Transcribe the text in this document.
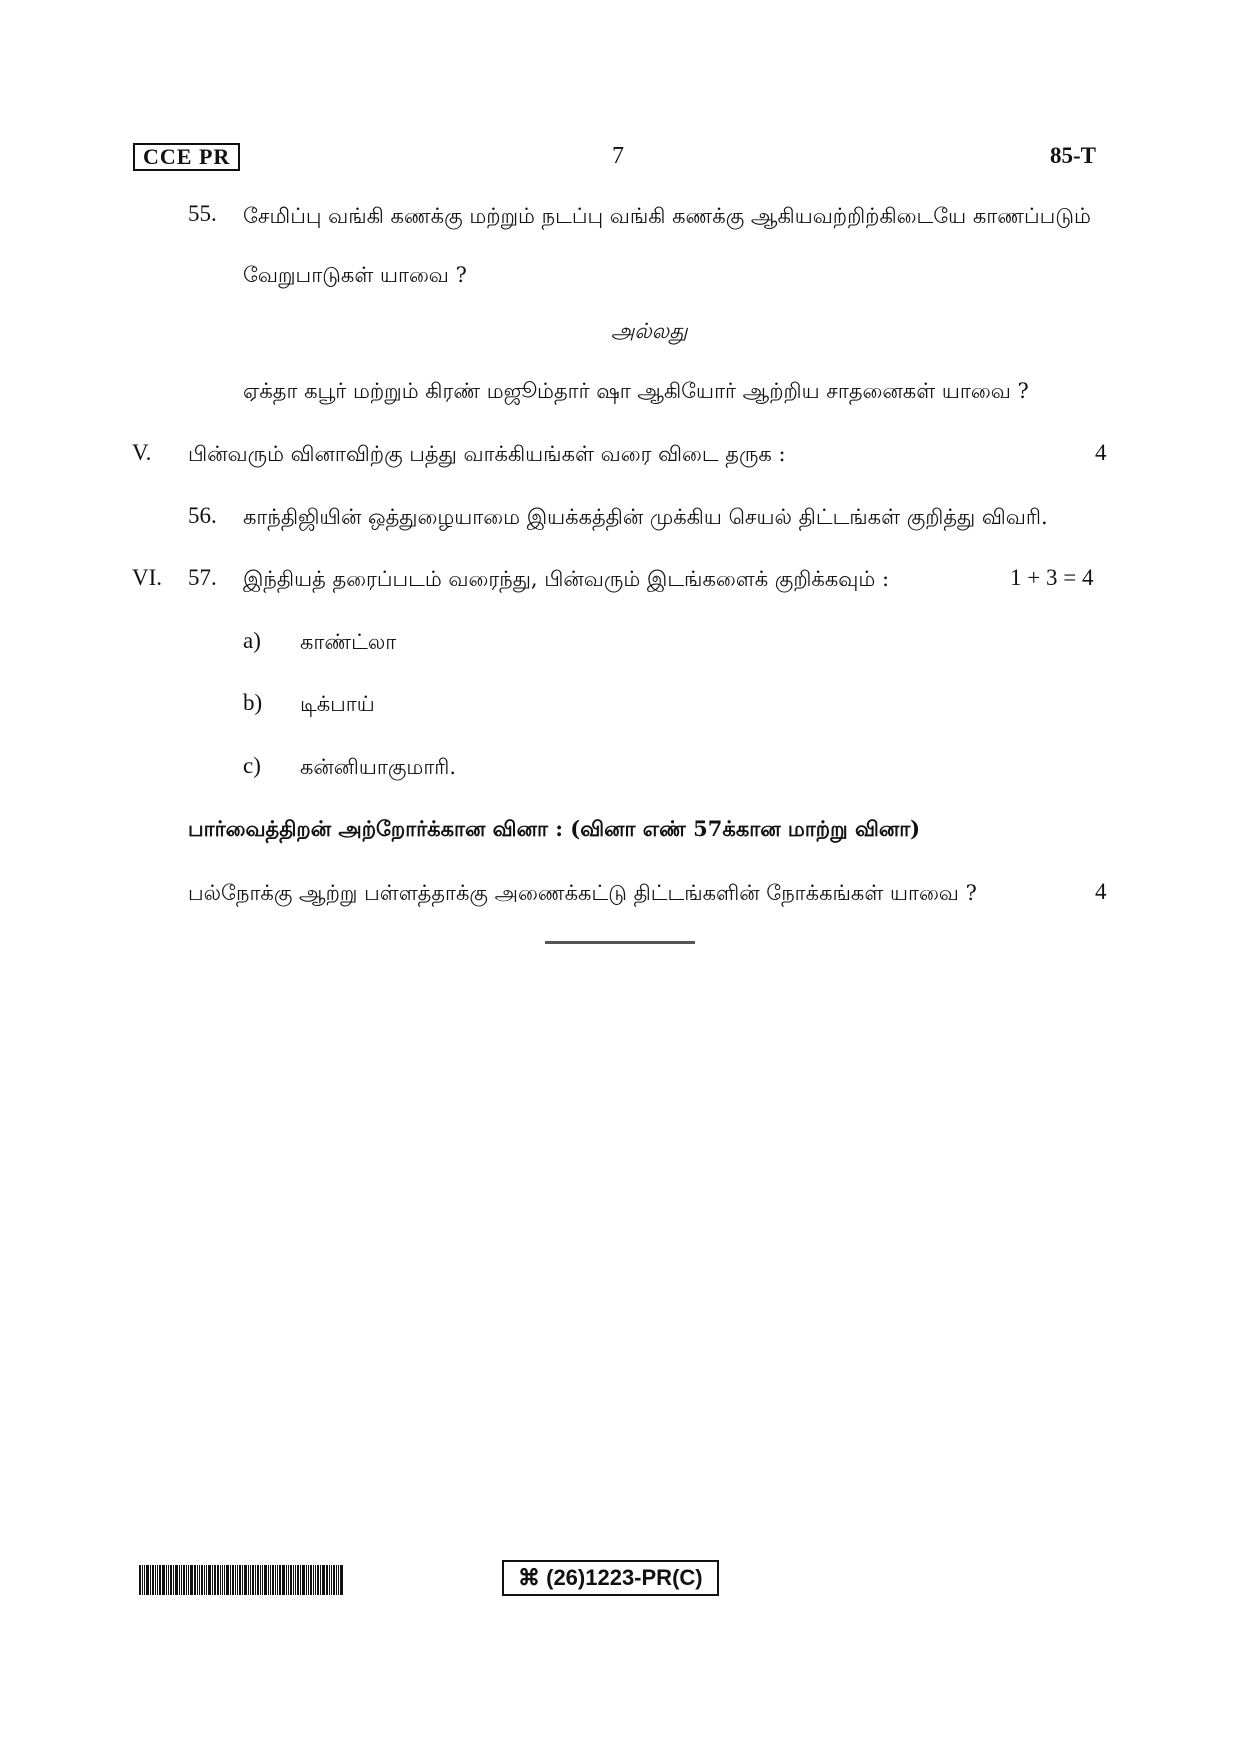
CCE PR	7	85-T
55. சேமிப்பு வங்கி கணக்கு மற்றும் நடப்பு வங்கி கணக்கு ஆகியவற்றிற்கிடையே காணப்படும்
வேறுபாடுகள் யாவை ?
அல்லது
ஏக்தா கபூர் மற்றும் கிரண் மஜூம்தார் ஷா ஆகியோர் ஆற்றிய சாதனைகள் யாவை ?
V. பின்வரும் வினாவிற்கு பத்து வாக்கியங்கள் வரை விடை தருக :	4
56. காந்திஜியின் ஒத்துழையாமை இயக்கத்தின் முக்கிய செயல் திட்டங்கள் குறித்து விவரி.
VI. 57. இந்தியத் தரைப்படம் வரைந்து, பின்வரும் இடங்களைக் குறிக்கவும் :	1 + 3 = 4
a) காண்ட்லா
b) டிக்பாய்
c) கன்னியாகுமாரி.
பார்வைத்திறன் அற்றோர்க்கான வினா : (வினா எண் 57க்கான மாற்று வினா)
பல்நோக்கு ஆற்று பள்ளத்தாக்கு அணைக்கட்டு திட்டங்களின் நோக்கங்கள் யாவை ?	4
⌘ (26)1223-PR(C)
